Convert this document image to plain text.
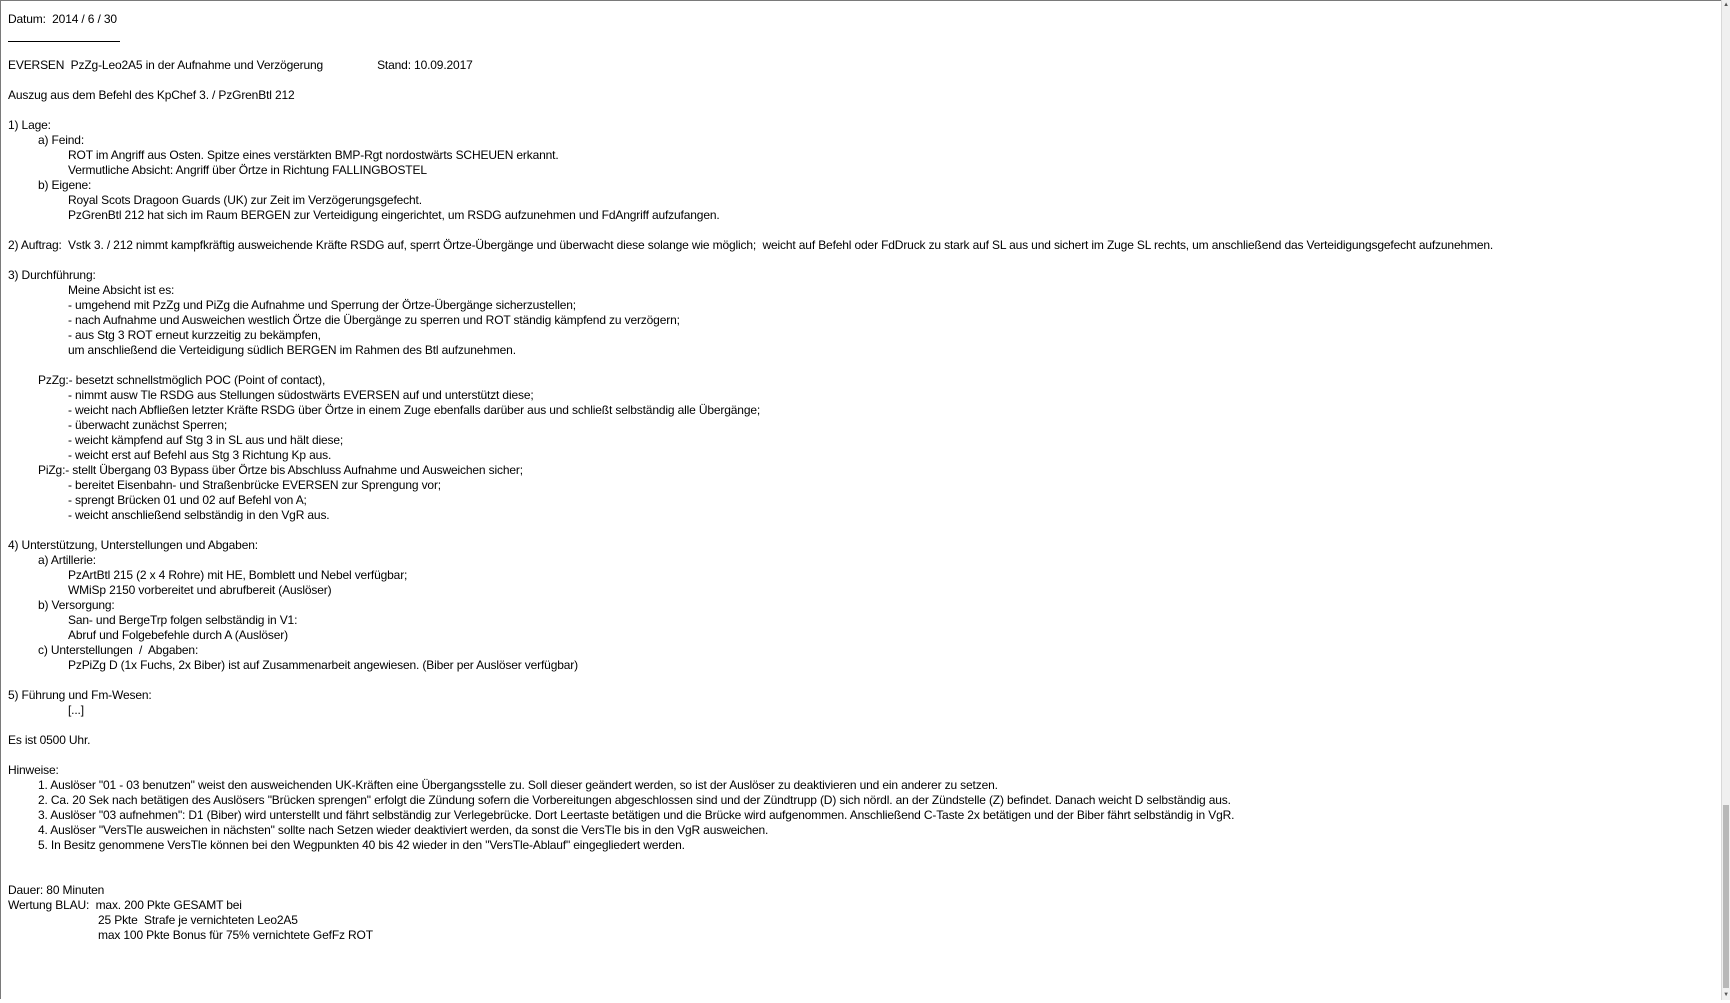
Datum:  2014 / 6 / 30
EVERSEN  PzZg-Leo2A5 in der Aufnahme und Verzögerung	Stand: 10.09.2017
Auszug aus dem Befehl des KpChef 3. / PzGrenBtl 212
1) Lage:
a) Feind:
ROT im Angriff aus Osten. Spitze eines verstärkten BMP-Rgt nordostwärts SCHEUEN erkannt.
Vermutliche Absicht: Angriff über Örtze in Richtung FALLINGBOSTEL
b) Eigene:
Royal Scots Dragoon Guards (UK) zur Zeit im Verzögerungsgefecht.
PzGrenBtl 212 hat sich im Raum BERGEN zur Verteidigung eingerichtet, um RSDG aufzunehmen und FdAngriff aufzufangen.
2) Auftrag: Vstk 3. / 212 nimmt kampfkräftig ausweichende Kräfte RSDG auf, sperrt Örtze-Übergänge und überwacht diese solange wie möglich;  weicht auf Befehl oder FdDruck zu stark auf SL aus und sichert im Zuge SL rechts, um anschließend das Verteidigungsgefecht aufzunehmen.
3) Durchführung:
Meine Absicht ist es:
- umgehend mit PzZg und PiZg die Aufnahme und Sperrung der Örtze-Übergänge sicherzustellen;
- nach Aufnahme und Ausweichen westlich Örtze die Übergänge zu sperren und ROT ständig kämpfend zu verzögern;
- aus Stg 3 ROT erneut kurzzeitig zu bekämpfen,
um anschließend die Verteidigung südlich BERGEN im Rahmen des Btl aufzunehmen.
PzZg:- besetzt schnellstmöglich POC (Point of contact),
- nimmt ausw Tle RSDG aus Stellungen südostwärts EVERSEN auf und unterstützt diese;
- weicht nach Abfließen letzter Kräfte RSDG über Örtze in einem Zuge ebenfalls darüber aus und schließt selbständig alle Übergänge;
- überwacht zunächst Sperren;
- weicht kämpfend auf Stg 3 in SL aus und hält diese;
- weicht erst auf Befehl aus Stg 3 Richtung Kp aus.
PiZg:- stellt Übergang 03 Bypass über Örtze bis Abschluss Aufnahme und Ausweichen sicher;
- bereitet Eisenbahn- und Straßenbrücke EVERSEN zur Sprengung vor;
- sprengt Brücken 01 und 02 auf Befehl von A;
- weicht anschließend selbständig in den VgR aus.
4) Unterstützung, Unterstellungen und Abgaben:
a) Artillerie:
PzArtBtl 215 (2 x 4 Rohre) mit HE, Bomblett und Nebel verfügbar;
WMiSp 2150 vorbereitet und abrufbereit (Auslöser)
b) Versorgung:
San- und BergeTrp folgen selbständig in V1:
Abruf und Folgebefehle durch A (Auslöser)
c) Unterstellungen  /  Abgaben:
PzPiZg D (1x Fuchs, 2x Biber) ist auf Zusammenarbeit angewiesen. (Biber per Auslöser verfügbar)
5) Führung und Fm-Wesen:
[...]
Es ist 0500 Uhr.
Hinweise:
1. Auslöser "01 - 03 benutzen" weist den ausweichenden UK-Kräften eine Übergangsstelle zu. Soll dieser geändert werden, so ist der Auslöser zu deaktivieren und ein anderer zu setzen.
2. Ca. 20 Sek nach betätigen des Auslösers "Brücken sprengen" erfolgt die Zündung sofern die Vorbereitungen abgeschlossen sind und der Zündtrupp (D) sich nördl. an der Zündstelle (Z) befindet. Danach weicht D selbständig aus.
3. Auslöser "03 aufnehmen": D1 (Biber) wird unterstellt und fährt selbständig zur Verlegebrücke. Dort Leertaste betätigen und die Brücke wird aufgenommen. Anschließend C-Taste 2x betätigen und der Biber fährt selbständig in VgR.
4. Auslöser "VersTle ausweichen in nächsten" sollte nach Setzen wieder deaktiviert werden, da sonst die VersTle bis in den VgR ausweichen.
5. In Besitz genommene VersTle können bei den Wegpunkten 40 bis 42 wieder in den "VersTle-Ablauf" eingegliedert werden.
Dauer: 80 Minuten
Wertung BLAU:  max. 200 Pkte GESAMT bei
25 Pkte  Strafe je vernichteten Leo2A5
max 100 Pkte Bonus für 75% vernichtete GefFz ROT
▲
▼
